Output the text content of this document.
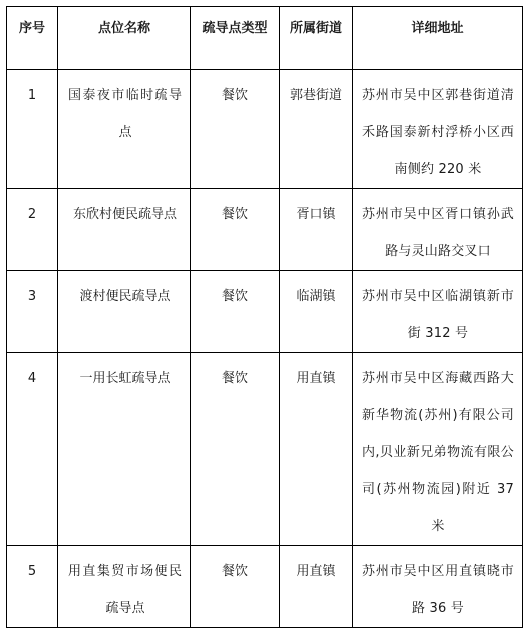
序号	点位名称	疏导点类型	所属街道	详细地址
1	国泰夜市临时疏导点	餐饮	郭巷街道	苏州市吴中区郭巷街道清禾路国泰新村浮桥小区西南侧约 220 米

2	东欣村便民疏导点	餐饮	胥口镇	苏州市吴中区胥口镇孙武路与灵山路交叉口

3	渡村便民疏导点	餐饮	临湖镇	苏州市吴中区临湖镇新市街 312 号

4	一用长虹疏导点	餐饮	用直镇	苏州市吴中区海藏西路大新华物流(苏州)有限公司内,贝业新兄弟物流有限公司(苏州物流园)附近 37 米

5	用直集贸市场便民疏导点	餐饮	用直镇	苏州市吴中区用直镇晓市路 36 号
